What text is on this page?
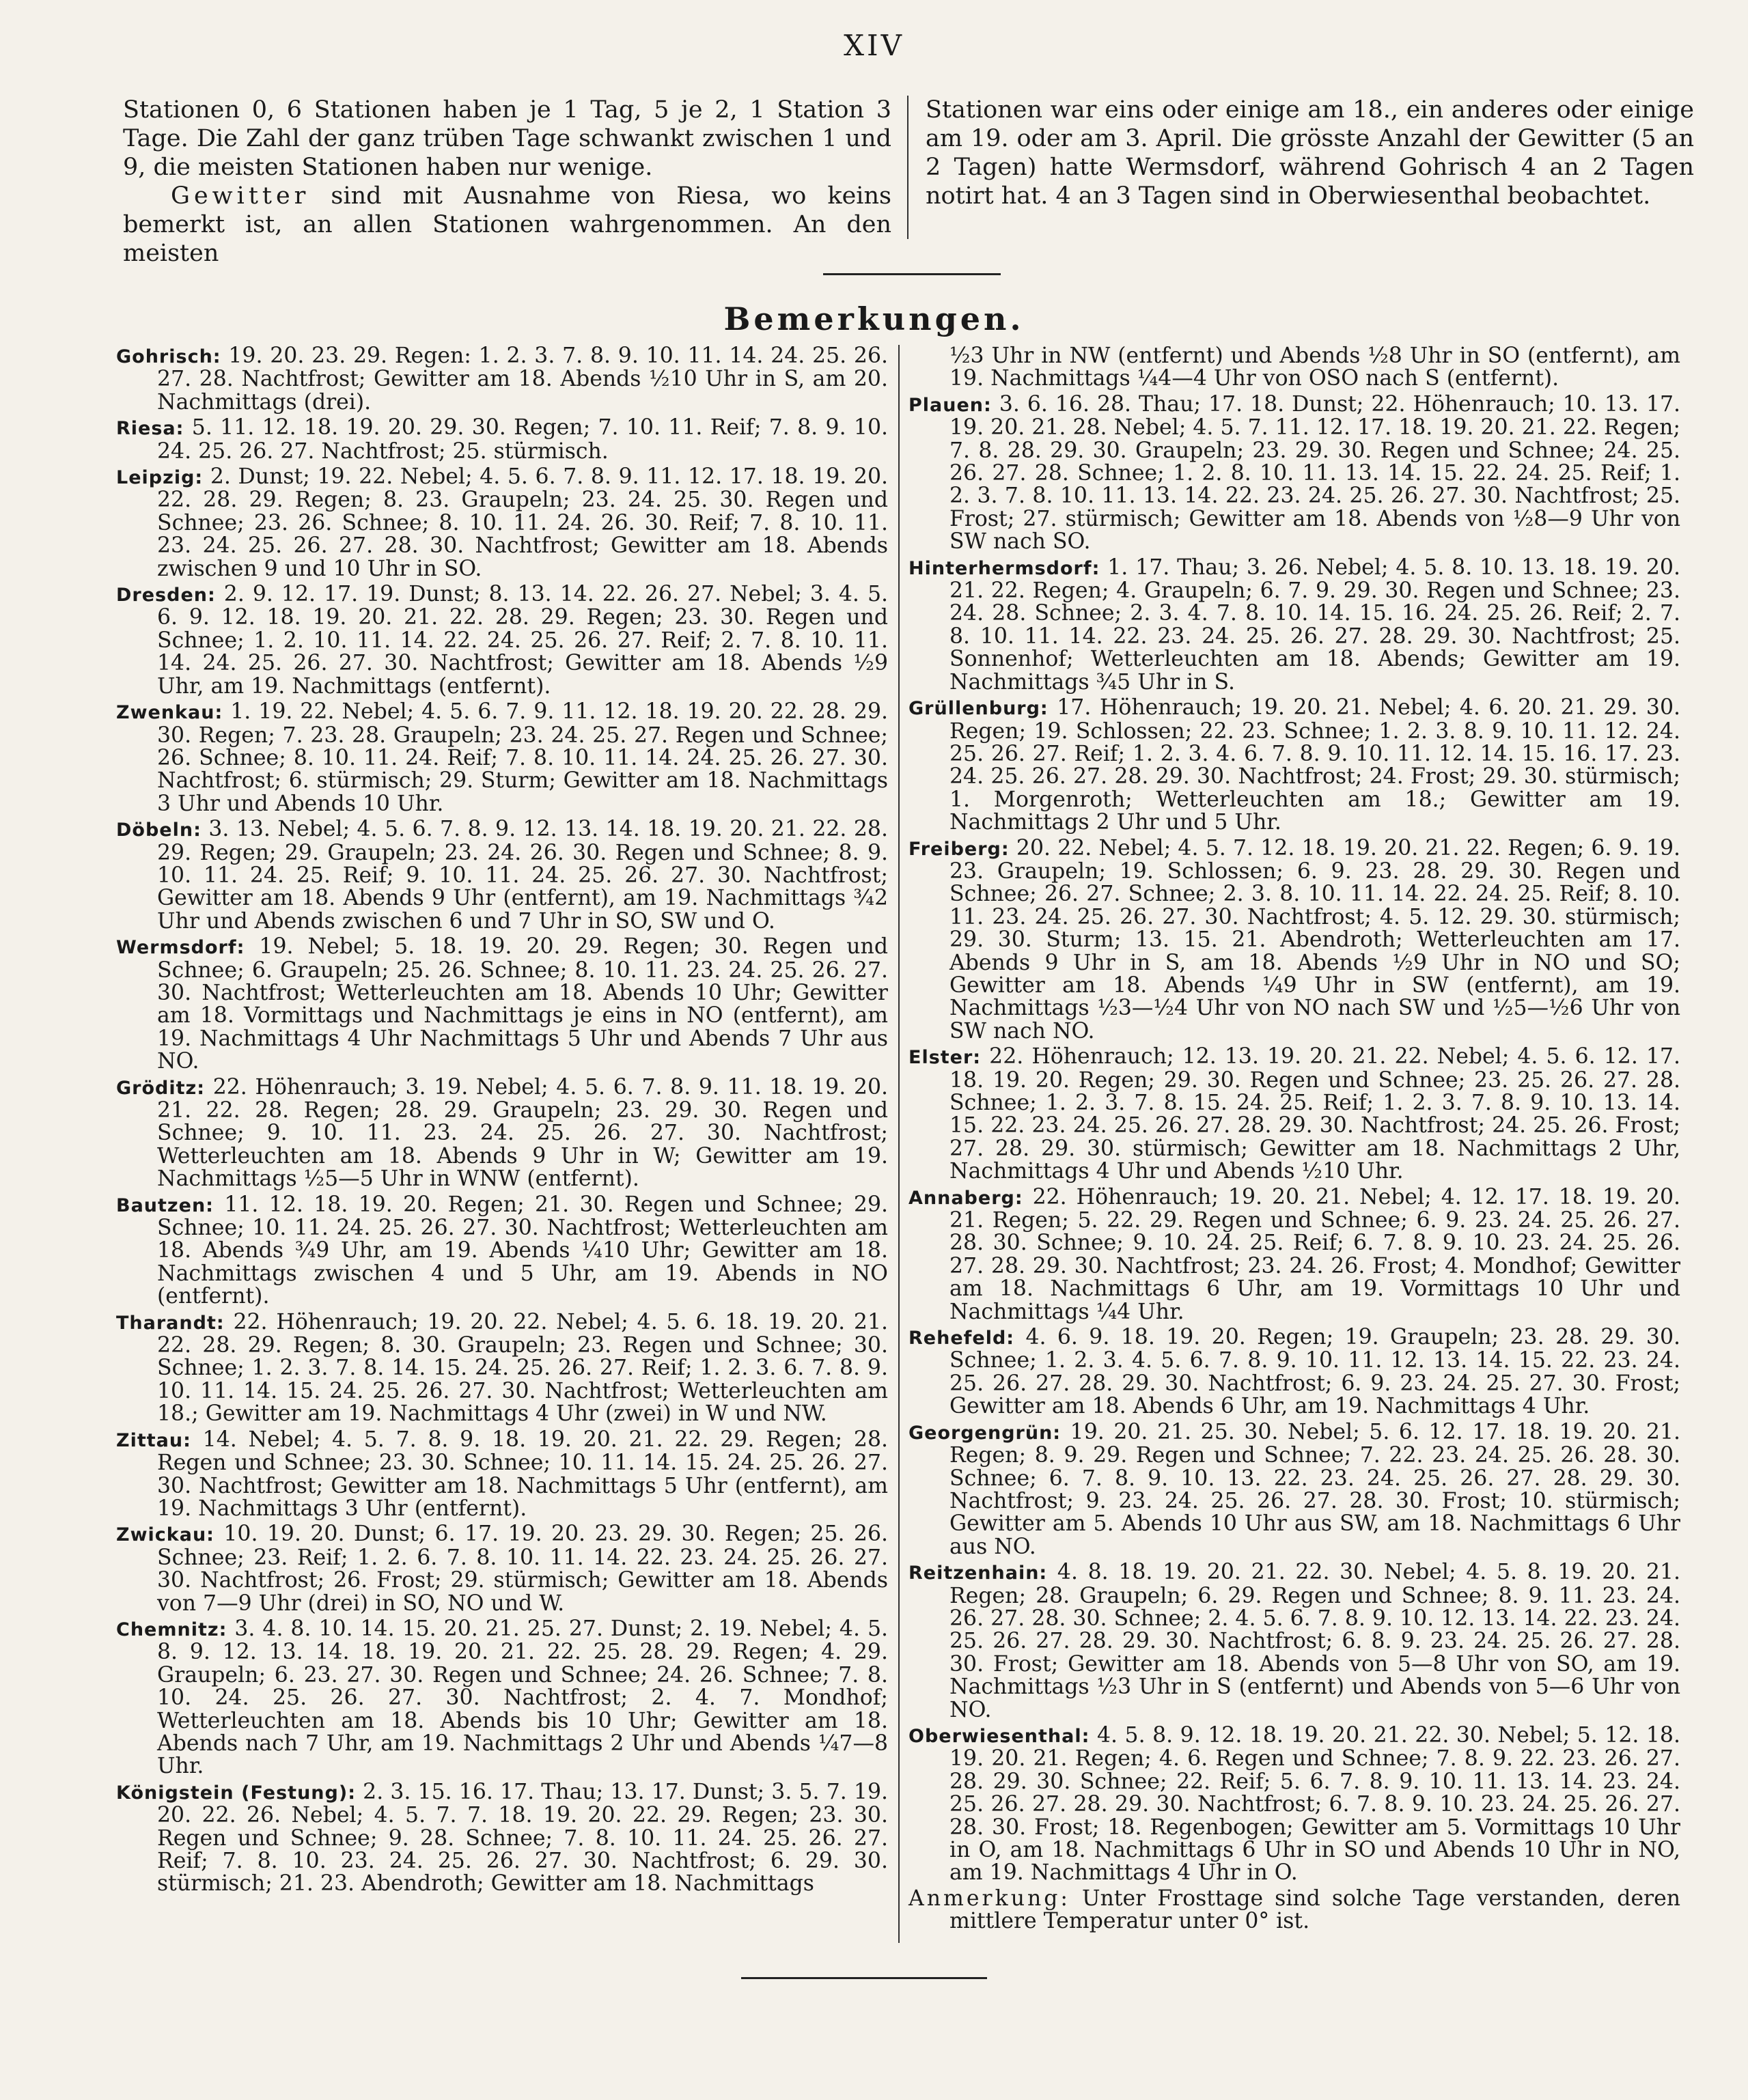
XIV

Stationen 0, 6 Stationen haben je 1 Tag, 5 je 2, 1 Station 3 Tage. Die Zahl der ganz trüben Tage schwankt zwischen 1 und 9, die meisten Stationen haben nur wenige.

Gewitter sind mit Ausnahme von Riesa, wo keins bemerkt ist, an allen Stationen wahrgenommen. An den meisten

Stationen war eins oder einige am 18., ein anderes oder einige am 19. oder am 3. April. Die grösste Anzahl der Gewitter (5 an 2 Tagen) hatte Wermsdorf, während Gohrisch 4 an 2 Tagen notirt hat. 4 an 3 Tagen sind in Oberwiesenthal beobachtet.

Bemerkungen.

Gohrisch: 19. 20. 23. 29. Regen: 1. 2. 3. 7. 8. 9. 10. 11. 14. 24. 25. 26. 27. 28. Nachtfrost; Gewitter am 18. Abends ½10 Uhr in S, am 20. Nachmittags (drei).

Riesa: 5. 11. 12. 18. 19. 20. 29. 30. Regen; 7. 10. 11. Reif; 7. 8. 9. 10. 24. 25. 26. 27. Nachtfrost; 25. stürmisch.

Leipzig: 2. Dunst; 19. 22. Nebel; 4. 5. 6. 7. 8. 9. 11. 12. 17. 18. 19. 20. 22. 28. 29. Regen; 8. 23. Graupeln; 23. 24. 25. 30. Regen und Schnee; 23. 26. Schnee; 8. 10. 11. 24. 26. 30. Reif; 7. 8. 10. 11. 23. 24. 25. 26. 27. 28. 30. Nachtfrost; Gewitter am 18. Abends zwischen 9 und 10 Uhr in SO.

Dresden: 2. 9. 12. 17. 19. Dunst; 8. 13. 14. 22. 26. 27. Nebel; 3. 4. 5. 6. 9. 12. 18. 19. 20. 21. 22. 28. 29. Regen; 23. 30. Regen und Schnee; 1. 2. 10. 11. 14. 22. 24. 25. 26. 27. Reif; 2. 7. 8. 10. 11. 14. 24. 25. 26. 27. 30. Nachtfrost; Gewitter am 18. Abends ½9 Uhr, am 19. Nachmittags (entfernt).

Zwenkau: 1. 19. 22. Nebel; 4. 5. 6. 7. 9. 11. 12. 18. 19. 20. 22. 28. 29. 30. Regen; 7. 23. 28. Graupeln; 23. 24. 25. 27. Regen und Schnee; 26. Schnee; 8. 10. 11. 24. Reif; 7. 8. 10. 11. 14. 24. 25. 26. 27. 30. Nachtfrost; 6. stürmisch; 29. Sturm; Gewitter am 18. Nachmittags 3 Uhr und Abends 10 Uhr.

Döbeln: 3. 13. Nebel; 4. 5. 6. 7. 8. 9. 12. 13. 14. 18. 19. 20. 21. 22. 28. 29. Regen; 29. Graupeln; 23. 24. 26. 30. Regen und Schnee; 8. 9. 10. 11. 24. 25. Reif; 9. 10. 11. 24. 25. 26. 27. 30. Nachtfrost; Gewitter am 18. Abends 9 Uhr (entfernt), am 19. Nachmittags ¾2 Uhr und Abends zwischen 6 und 7 Uhr in SO, SW und O.

Wermsdorf: 19. Nebel; 5. 18. 19. 20. 29. Regen; 30. Regen und Schnee; 6. Graupeln; 25. 26. Schnee; 8. 10. 11. 23. 24. 25. 26. 27. 30. Nachtfrost; Wetterleuchten am 18. Abends 10 Uhr; Gewitter am 18. Vormittags und Nachmittags je eins in NO (entfernt), am 19. Nachmittags 4 Uhr Nachmittags 5 Uhr und Abends 7 Uhr aus NO.

Gröditz: 22. Höhenrauch; 3. 19. Nebel; 4. 5. 6. 7. 8. 9. 11. 18. 19. 20. 21. 22. 28. Regen; 28. 29. Graupeln; 23. 29. 30. Regen und Schnee; 9. 10. 11. 23. 24. 25. 26. 27. 30. Nachtfrost; Wetterleuchten am 18. Abends 9 Uhr in W; Gewitter am 19. Nachmittags ½5—5 Uhr in WNW (entfernt).

Bautzen: 11. 12. 18. 19. 20. Regen; 21. 30. Regen und Schnee; 29. Schnee; 10. 11. 24. 25. 26. 27. 30. Nachtfrost; Wetterleuchten am 18. Abends ¾9 Uhr, am 19. Abends ¼10 Uhr; Gewitter am 18. Nachmittags zwischen 4 und 5 Uhr, am 19. Abends in NO (entfernt).

Tharandt: 22. Höhenrauch; 19. 20. 22. Nebel; 4. 5. 6. 18. 19. 20. 21. 22. 28. 29. Regen; 8. 30. Graupeln; 23. Regen und Schnee; 30. Schnee; 1. 2. 3. 7. 8. 14. 15. 24. 25. 26. 27. Reif; 1. 2. 3. 6. 7. 8. 9. 10. 11. 14. 15. 24. 25. 26. 27. 30. Nachtfrost; Wetterleuchten am 18.; Gewitter am 19. Nachmittags 4 Uhr (zwei) in W und NW.

Zittau: 14. Nebel; 4. 5. 7. 8. 9. 18. 19. 20. 21. 22. 29. Regen; 28. Regen und Schnee; 23. 30. Schnee; 10. 11. 14. 15. 24. 25. 26. 27. 30. Nachtfrost; Gewitter am 18. Nachmittags 5 Uhr (entfernt), am 19. Nachmittags 3 Uhr (entfernt).

Zwickau: 10. 19. 20. Dunst; 6. 17. 19. 20. 23. 29. 30. Regen; 25. 26. Schnee; 23. Reif; 1. 2. 6. 7. 8. 10. 11. 14. 22. 23. 24. 25. 26. 27. 30. Nachtfrost; 26. Frost; 29. stürmisch; Gewitter am 18. Abends von 7—9 Uhr (drei) in SO, NO und W.

Chemnitz: 3. 4. 8. 10. 14. 15. 20. 21. 25. 27. Dunst; 2. 19. Nebel; 4. 5. 8. 9. 12. 13. 14. 18. 19. 20. 21. 22. 25. 28. 29. Regen; 4. 29. Graupeln; 6. 23. 27. 30. Regen und Schnee; 24. 26. Schnee; 7. 8. 10. 24. 25. 26. 27. 30. Nachtfrost; 2. 4. 7. Mondhof; Wetterleuchten am 18. Abends bis 10 Uhr; Gewitter am 18. Abends nach 7 Uhr, am 19. Nachmittags 2 Uhr und Abends ¼7—8 Uhr.

Königstein (Festung): 2. 3. 15. 16. 17. Thau; 13. 17. Dunst; 3. 5. 7. 19. 20. 22. 26. Nebel; 4. 5. 7. 7. 18. 19. 20. 22. 29. Regen; 23. 30. Regen und Schnee; 9. 28. Schnee; 7. 8. 10. 11. 24. 25. 26. 27. Reif; 7. 8. 10. 23. 24. 25. 26. 27. 30. Nachtfrost; 6. 29. 30. stürmisch; 21. 23. Abendroth; Gewitter am 18. Nachmittags

½3 Uhr in NW (entfernt) und Abends ½8 Uhr in SO (entfernt), am 19. Nachmittags ¼4—4 Uhr von OSO nach S (entfernt).

Plauen: 3. 6. 16. 28. Thau; 17. 18. Dunst; 22. Höhenrauch; 10. 13. 17. 19. 20. 21. 28. Nebel; 4. 5. 7. 11. 12. 17. 18. 19. 20. 21. 22. Regen; 7. 8. 28. 29. 30. Graupeln; 23. 29. 30. Regen und Schnee; 24. 25. 26. 27. 28. Schnee; 1. 2. 8. 10. 11. 13. 14. 15. 22. 24. 25. Reif; 1. 2. 3. 7. 8. 10. 11. 13. 14. 22. 23. 24. 25. 26. 27. 30. Nachtfrost; 25. Frost; 27. stürmisch; Gewitter am 18. Abends von ½8—9 Uhr von SW nach SO.

Hinterhermsdorf: 1. 17. Thau; 3. 26. Nebel; 4. 5. 8. 10. 13. 18. 19. 20. 21. 22. Regen; 4. Graupeln; 6. 7. 9. 29. 30. Regen und Schnee; 23. 24. 28. Schnee; 2. 3. 4. 7. 8. 10. 14. 15. 16. 24. 25. 26. Reif; 2. 7. 8. 10. 11. 14. 22. 23. 24. 25. 26. 27. 28. 29. 30. Nachtfrost; 25. Sonnenhof; Wetterleuchten am 18. Abends; Gewitter am 19. Nachmittags ¾5 Uhr in S.

Grüllenburg: 17. Höhenrauch; 19. 20. 21. Nebel; 4. 6. 20. 21. 29. 30. Regen; 19. Schlossen; 22. 23. Schnee; 1. 2. 3. 8. 9. 10. 11. 12. 24. 25. 26. 27. Reif; 1. 2. 3. 4. 6. 7. 8. 9. 10. 11. 12. 14. 15. 16. 17. 23. 24. 25. 26. 27. 28. 29. 30. Nachtfrost; 24. Frost; 29. 30. stürmisch; 1. Morgenroth; Wetterleuchten am 18.; Gewitter am 19. Nachmittags 2 Uhr und 5 Uhr.

Freiberg: 20. 22. Nebel; 4. 5. 7. 12. 18. 19. 20. 21. 22. Regen; 6. 9. 19. 23. Graupeln; 19. Schlossen; 6. 9. 23. 28. 29. 30. Regen und Schnee; 26. 27. Schnee; 2. 3. 8. 10. 11. 14. 22. 24. 25. Reif; 8. 10. 11. 23. 24. 25. 26. 27. 30. Nachtfrost; 4. 5. 12. 29. 30. stürmisch; 29. 30. Sturm; 13. 15. 21. Abendroth; Wetterleuchten am 17. Abends 9 Uhr in S, am 18. Abends ½9 Uhr in NO und SO; Gewitter am 18. Abends ¼9 Uhr in SW (entfernt), am 19. Nachmittags ½3—½4 Uhr von NO nach SW und ½5—½6 Uhr von SW nach NO.

Elster: 22. Höhenrauch; 12. 13. 19. 20. 21. 22. Nebel; 4. 5. 6. 12. 17. 18. 19. 20. Regen; 29. 30. Regen und Schnee; 23. 25. 26. 27. 28. Schnee; 1. 2. 3. 7. 8. 15. 24. 25. Reif; 1. 2. 3. 7. 8. 9. 10. 13. 14. 15. 22. 23. 24. 25. 26. 27. 28. 29. 30. Nachtfrost; 24. 25. 26. Frost; 27. 28. 29. 30. stürmisch; Gewitter am 18. Nachmittags 2 Uhr, Nachmittags 4 Uhr und Abends ½10 Uhr.

Annaberg: 22. Höhenrauch; 19. 20. 21. Nebel; 4. 12. 17. 18. 19. 20. 21. Regen; 5. 22. 29. Regen und Schnee; 6. 9. 23. 24. 25. 26. 27. 28. 30. Schnee; 9. 10. 24. 25. Reif; 6. 7. 8. 9. 10. 23. 24. 25. 26. 27. 28. 29. 30. Nachtfrost; 23. 24. 26. Frost; 4. Mondhof; Gewitter am 18. Nachmittags 6 Uhr, am 19. Vormittags 10 Uhr und Nachmittags ¼4 Uhr.

Rehefeld: 4. 6. 9. 18. 19. 20. Regen; 19. Graupeln; 23. 28. 29. 30. Schnee; 1. 2. 3. 4. 5. 6. 7. 8. 9. 10. 11. 12. 13. 14. 15. 22. 23. 24. 25. 26. 27. 28. 29. 30. Nachtfrost; 6. 9. 23. 24. 25. 27. 30. Frost; Gewitter am 18. Abends 6 Uhr, am 19. Nachmittags 4 Uhr.

Georgengrün: 19. 20. 21. 25. 30. Nebel; 5. 6. 12. 17. 18. 19. 20. 21. Regen; 8. 9. 29. Regen und Schnee; 7. 22. 23. 24. 25. 26. 28. 30. Schnee; 6. 7. 8. 9. 10. 13. 22. 23. 24. 25. 26. 27. 28. 29. 30. Nachtfrost; 9. 23. 24. 25. 26. 27. 28. 30. Frost; 10. stürmisch; Gewitter am 5. Abends 10 Uhr aus SW, am 18. Nachmittags 6 Uhr aus NO.

Reitzenhain: 4. 8. 18. 19. 20. 21. 22. 30. Nebel; 4. 5. 8. 19. 20. 21. Regen; 28. Graupeln; 6. 29. Regen und Schnee; 8. 9. 11. 23. 24. 26. 27. 28. 30. Schnee; 2. 4. 5. 6. 7. 8. 9. 10. 12. 13. 14. 22. 23. 24. 25. 26. 27. 28. 29. 30. Nachtfrost; 6. 8. 9. 23. 24. 25. 26. 27. 28. 30. Frost; Gewitter am 18. Abends von 5—8 Uhr von SO, am 19. Nachmittags ½3 Uhr in S (entfernt) und Abends von 5—6 Uhr von NO.

Oberwiesenthal: 4. 5. 8. 9. 12. 18. 19. 20. 21. 22. 30. Nebel; 5. 12. 18. 19. 20. 21. Regen; 4. 6. Regen und Schnee; 7. 8. 9. 22. 23. 26. 27. 28. 29. 30. Schnee; 22. Reif; 5. 6. 7. 8. 9. 10. 11. 13. 14. 23. 24. 25. 26. 27. 28. 29. 30. Nachtfrost; 6. 7. 8. 9. 10. 23. 24. 25. 26. 27. 28. 30. Frost; 18. Regenbogen; Gewitter am 5. Vormittags 10 Uhr in O, am 18. Nachmittags 6 Uhr in SO und Abends 10 Uhr in NO, am 19. Nachmittags 4 Uhr in O.

Anmerkung: Unter Frosttage sind solche Tage verstanden, deren mittlere Temperatur unter 0° ist.
